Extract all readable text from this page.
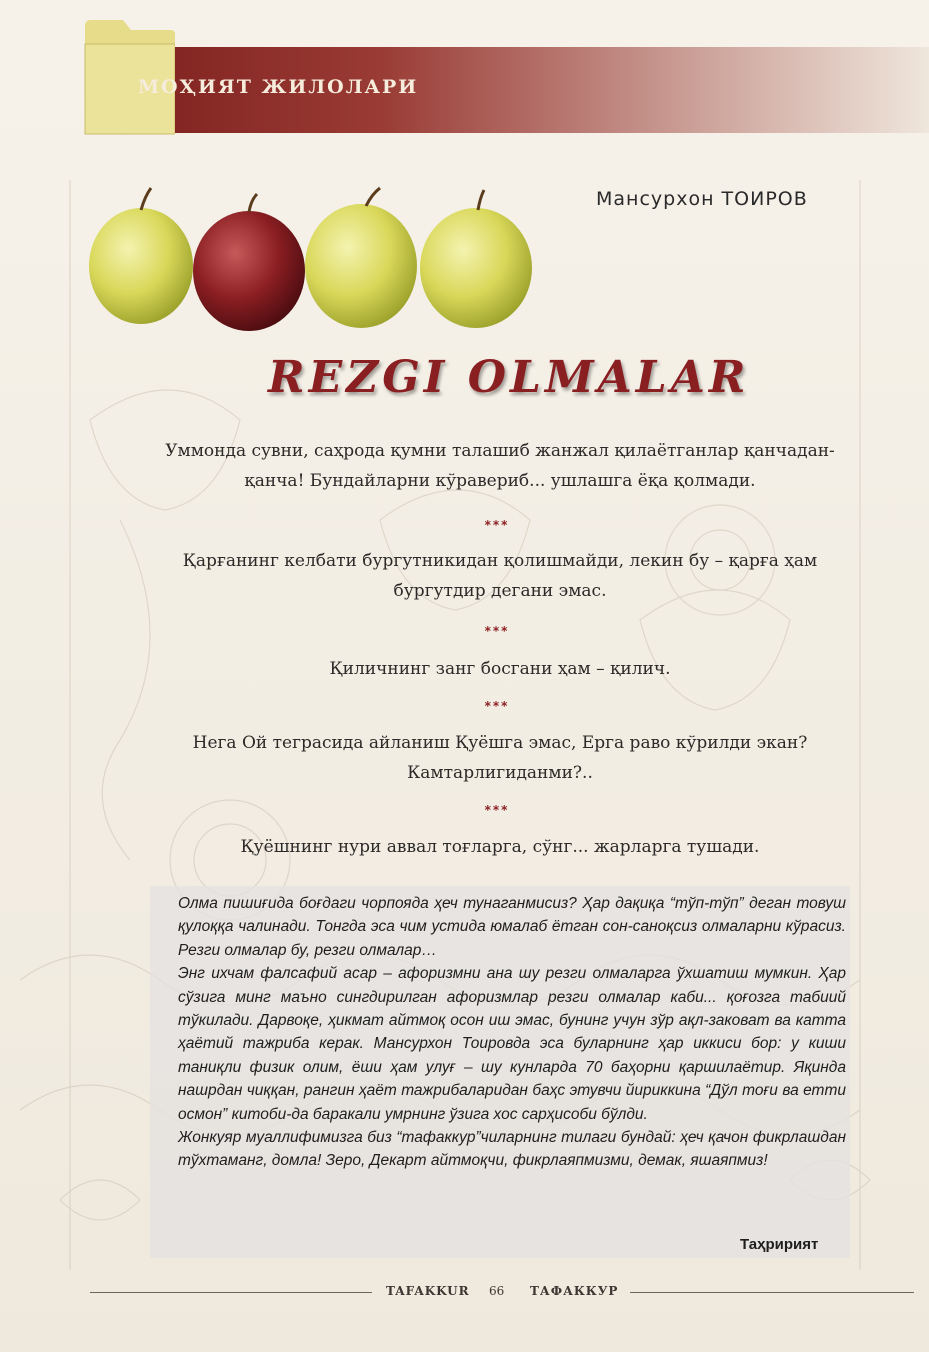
МОҲИЯТ ЖИЛОЛАРИ
Мансурхон ТОИРОВ
REZGI OLMALAR
Уммонда сувни, саҳрода қумни талашиб жанжал қилаётганлар қанчадан-қанча! Бундайларни кўравериб... ушлашга ёқа қолмади.
***
Қарғанинг келбати бургутникидан қолишмайди, лекин бу – қарға ҳам бургутдир дегани эмас.
***
Қиличнинг занг босгани ҳам – қилич.
***
Нега Ой теграсида айланиш Қуёшга эмас, Ерга раво кўрилди экан? Камтарлигиданми?..
***
Қуёшнинг нури аввал тоғларга, сўнг... жарларга тушади.

Олма пишиғида боғдаги чорпояда ҳеч тунаганмисиз? Ҳар дақиқа “тўп-тўп” деган товуш қулоққа чалинади. Тонгда эса чим устида юмалаб ётган сон-саноқсиз олмаларни кўрасиз. Резги олмалар бу, резги олмалар…

Энг ихчам фалсафий асар – афоризмни ана шу резги олмаларга ўхшатиш мумкин. Ҳар сўзига минг маъно сингдирилган афоризмлар резги олмалар каби... қоғозга табиий тўкилади. Дарвоқе, ҳикмат айтмоқ осон иш эмас, бунинг учун зўр ақл-заковат ва катта ҳаётий тажриба керак. Мансурхон Тоировда эса буларнинг ҳар иккиси бор: у киши таниқли физик олим, ёши ҳам улуғ – шу кунларда 70 баҳорни қаршилаётир. Яқинда нашрдан чиққан, рангин ҳаёт тажрибаларидан баҳс этувчи йириккина “Дўл тоғи ва етти осмон” китоби-да баракали умрнинг ўзига хос сарҳисоби бўлди.

Жонкуяр муаллифимизга биз “тафаккур”чиларнинг тилаги бундай: ҳеч қачон фикрлашдан тўхтаманг, домла! Зеро, Декарт айтмоқчи, фикрлаяпмизми, демак, яшаяпмиз!

Таҳририят
TAFAKKUR 66 ТАФАККУР
